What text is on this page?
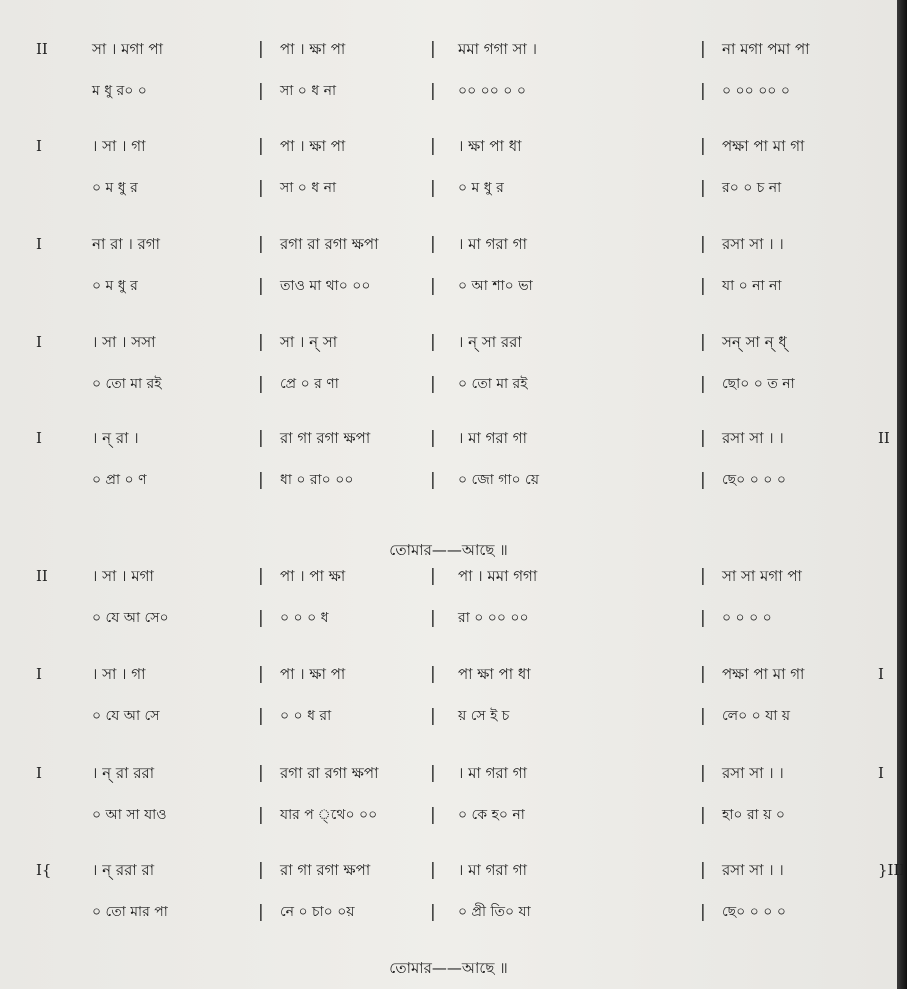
II	সা । মগা পা	পা । ক্ষা পা	মমা গগা সা ।	না মগা পমা পা
|	|	|
ম ধু র০ ০	সা ০ ধ না	০০ ০০ ০ ০	০ ০০ ০০ ০
|	|	|
I	। সা । গা	পা । ক্ষা পা	। ক্ষা পা ধা	পক্ষা পা মা গা
|	|	|
০ ম ধু র	সা ০ ধ না	০ ম ধু র	র০ ০ চ না
|	|	|
I	না রা । রগা	রগা রা রগা ক্ষপা	। মা গরা গা	রসা সা । ।
|	|	|
০ ম ধু র	তাও মা থা০ ০০	০ আ শা০ ভা	যা ০ না না
|	|	|
I	। সা । সসা	সা । ন্ সা	। ন্ সা ররা	সন্ সা ন্ ধ্
|	|	|
০ তো মা রই	প্রে ০ র ণা	০ তো মা রই	ছো০ ০ ত না
|	|	|
I	। ন্ রা ।	রা গা রগা ক্ষপা	। মা গরা গা	রসা সা । ।	II
|	|	|
০ প্রা ০ ণ	ধা ০ রা০ ০০	০ জো গা০ য়ে	ছে০ ০ ০ ০
|	|	|
II	। সা । মগা	পা । পা ক্ষা	পা । মমা গগা	সা সা মগা পা
|	|	|
০ যে আ সে০	০ ০ ০ ধ	রা ০ ০০ ০০	০ ০ ০ ০
|	|	|
I	। সা । গা	পা । ক্ষা পা	পা ক্ষা পা ধা	পক্ষা পা মা গা	I
|	|	|
০ যে আ সে	০ ০ ধ রা	য় সে ই চ	লে০ ০ যা য়
|	|	|
I	। ন্ রা ররা	রগা রা রগা ক্ষপা	। মা গরা গা	রসা সা । ।	I
|	|	|
০ আ সা যাও	যার প ্থে০ ০০	০ কে হ০ না	হা০ রা য় ০
|	|	|
I{	। ন্ ররা রা	রা গা রগা ক্ষপা	। মা গরা গা	রসা সা । ।	}III
|	|	|
০ তো মার পা	নে ০ চা০ ০য়	০ প্রী তি০ যা	ছে০ ০ ০ ০
|	|	|
তোমার——আছে ॥
তোমার——আছে ॥
